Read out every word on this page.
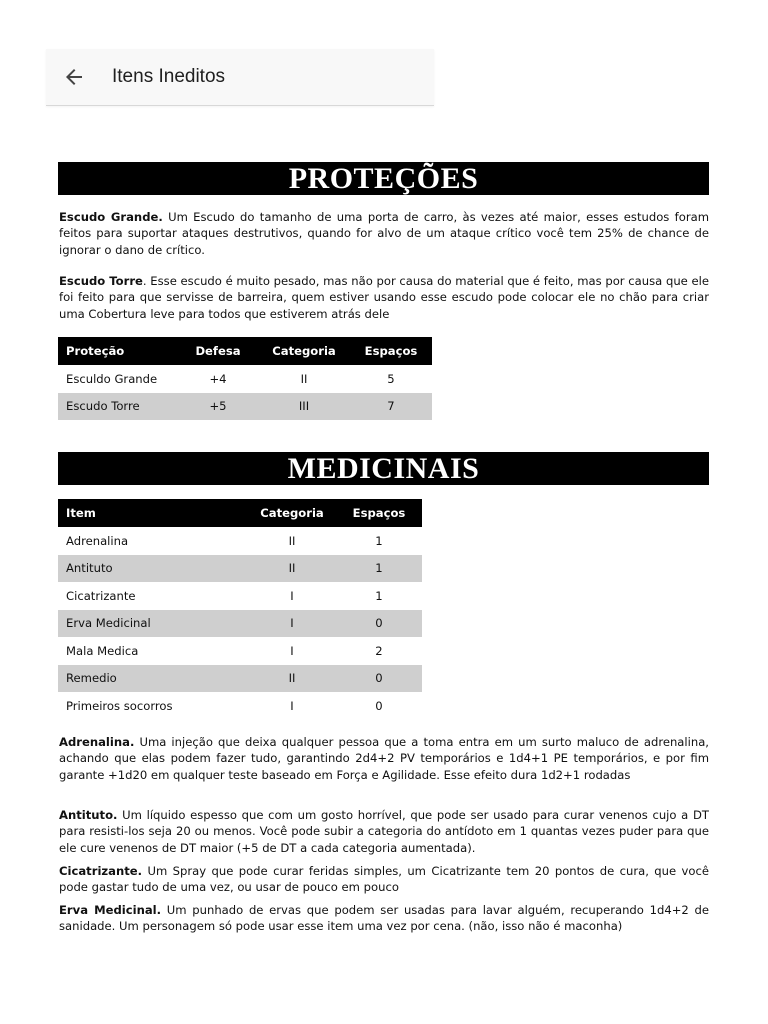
Itens Ineditos
PROTEÇÕES

Escudo Grande. Um Escudo do tamanho de uma porta de carro, às vezes até maior, esses estudos foram feitos para suportar ataques destrutivos, quando for alvo de um ataque crítico você tem 25% de chance de ignorar o dano de crítico.

Escudo Torre. Esse escudo é muito pesado, mas não por causa do material que é feito, mas por causa que ele foi feito para que servisse de barreira, quem estiver usando esse escudo pode colocar ele no chão para criar uma Cobertura leve para todos que estiverem atrás dele

Proteção	Defesa	Categoria	Espaços
Esculdo Grande	+4	II	5
Escudo Torre	+5	III	7
MEDICINAIS
Item	Categoria	Espaços
Adrenalina	II	1
Antituto	II	1
Cicatrizante	I	1
Erva Medicinal	I	0
Mala Medica	I	2
Remedio	II	0
Primeiros socorros	I	0

Adrenalina. Uma injeção que deixa qualquer pessoa que a toma entra em um surto maluco de adrenalina, achando que elas podem fazer tudo, garantindo 2d4+2 PV temporários e 1d4+1 PE temporários, e por fim garante +1d20 em qualquer teste baseado em Força e Agilidade. Esse efeito dura 1d2+1 rodadas

Antituto. Um líquido espesso que com um gosto horrível, que pode ser usado para curar venenos cujo a DT para resisti-los seja 20 ou menos. Você pode subir a categoria do antídoto em 1 quantas vezes puder para que ele cure venenos de DT maior (+5 de DT a cada categoria aumentada).

Cicatrizante. Um Spray que pode curar feridas simples, um Cicatrizante tem 20 pontos de cura, que você pode gastar tudo de uma vez, ou usar de pouco em pouco

Erva Medicinal. Um punhado de ervas que podem ser usadas para lavar alguém, recuperando 1d4+2 de sanidade. Um personagem só pode usar esse item uma vez por cena. (não, isso não é maconha)
